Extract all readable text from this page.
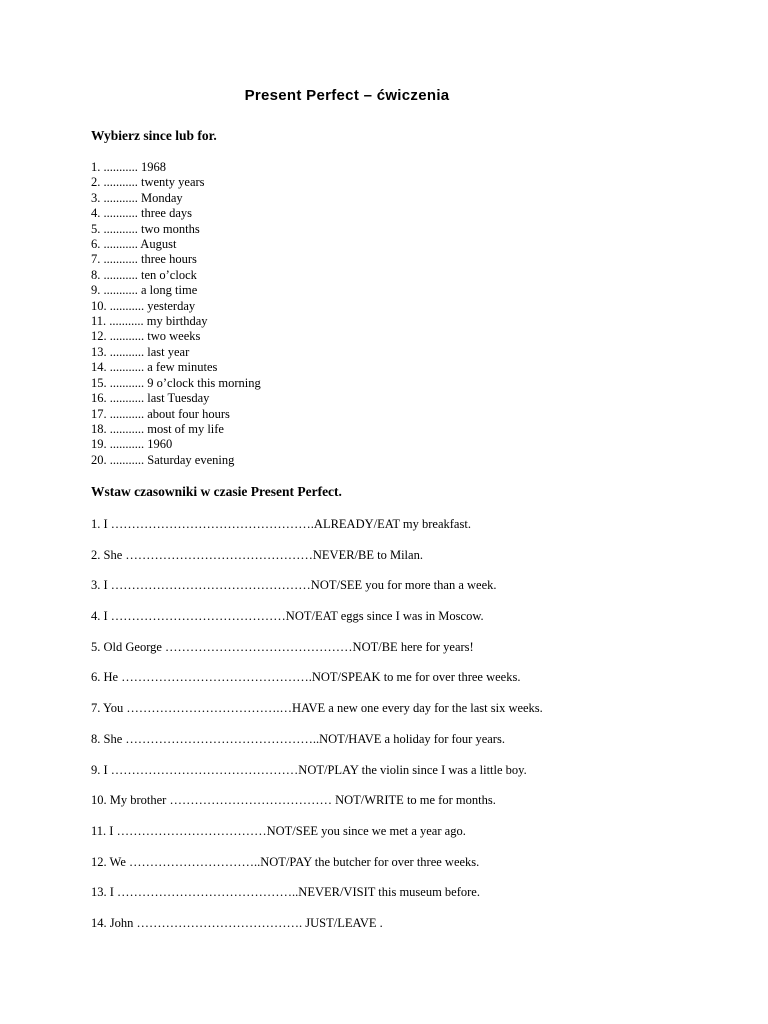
Present Perfect – ćwiczenia
Wybierz since lub for.
1. ........... 1968
2. ........... twenty years
3. ........... Monday
4. ........... three days
5. ........... two months
6. ........... August
7. ........... three hours
8. ........... ten o’clock
9. ........... a long time
10. ........... yesterday
11. ........... my birthday
12. ........... two weeks
13. ........... last year
14. ........... a few minutes
15. ........... 9 o’clock this morning
16. ........... last Tuesday
17. ........... about four hours
18. ........... most of my life
19. ........... 1960
20. ........... Saturday evening
Wstaw czasowniki w czasie Present Perfect.
1. I ………………………………………….ALREADY/EAT my breakfast.
2. She ………………………………………NEVER/BE to Milan.
3. I …………………………………………NOT/SEE you for more than a week.
4. I ……………………………………NOT/EAT eggs since I was in Moscow.
5. Old George ………………………………………NOT/BE here for years!
6. He ……………………………………….NOT/SPEAK to me for over three weeks.
7. You ……………………………….…HAVE a new one every day for the last six weeks.
8. She ………………………………………..NOT/HAVE a holiday for four years.
9. I ………………………………………NOT/PLAY the violin since I was a little boy.
10. My brother ………………………………… NOT/WRITE to me for months.
11. I ………………………………NOT/SEE you since we met a year ago.
12. We …………………………..NOT/PAY the butcher for over three weeks.
13. I ……………………………………..NEVER/VISIT this museum before.
14. John …………………………………. JUST/LEAVE .
